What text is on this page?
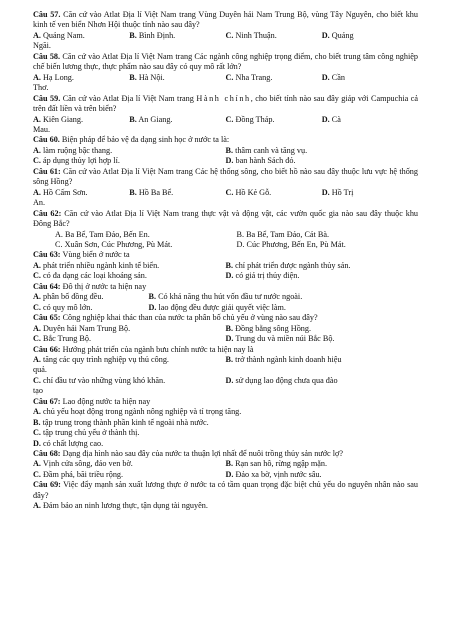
Câu 57. Căn cứ vào Atlat Địa lí Việt Nam trang Vùng Duyên hải Nam Trung Bộ, vùng Tây Nguyên, cho biết khu kinh tế ven biển Nhơn Hội thuộc tỉnh nào sau đây?
A. Quảng Nam.	B. Bình Định.	C. Ninh Thuận.	D. Quảng
Ngãi.
Câu 58. Căn cứ vào Atlat Địa lí Việt Nam trang Các ngành công nghiệp trọng điểm, cho biết trung tâm công nghiệp chế biến lương thực, thực phẩm nào sau đây có quy mô rất lớn?
A. Hạ Long.	B. Hà Nội.	C. Nha Trang.	D. Cần
Thơ.
Câu 59. Căn cứ vào Atlat Địa lí Việt Nam trang Hành chính, cho biết tỉnh nào sau đây giáp với Campuchia cả trên đất liền và trên biển?
A. Kiên Giang.	B. An Giang.	C. Đồng Tháp.	D. Cà
Mau.
Câu 60. Biện pháp để bảo vệ đa dạng sinh học ở nước ta là:
A. làm ruộng bậc thang.	B. thâm canh và tăng vụ.
C. áp dụng thủy lợi hợp lí.	D. ban hành Sách đỏ.
Câu 61: Căn cứ vào Atlat Địa lí Việt Nam trang Các hệ thống sông, cho biết hồ nào sau đây thuộc lưu vực hệ thống sông Hồng?
A. Hồ Cấm Sơn.	B. Hồ Ba Bể.	C. Hồ Kẻ Gỗ.	D. Hồ Trị
An.
Câu 62: Căn cứ vào Atlat Địa lí Việt Nam trang thực vật và động vật, các vườn quốc gia nào sau đây thuộc khu Đông Bắc?
A. Ba Bể, Tam Đảo, Bến En.	B. Ba Bể, Tam Đảo, Cát Bà.
C. Xuân Sơn, Cúc Phương, Pù Mát.	D. Cúc Phương, Bến En, Pù Mát.
Câu 63: Vùng biển ở nước ta
A. phát triển nhiều ngành kinh tế biển.	B. chỉ phát triển được ngành thủy sản.
C. có đa dạng các loại khoáng sản.	D. có giá trị thủy điện.
Câu 64: Đô thị ở nước ta hiện nay
A. phân bố đồng đều.	B. Có khả năng thu hút vốn đầu tư nước ngoài.
C. có quy mô lớn.	D. lao động đều được giải quyết việc làm.
Câu 65: Công nghiệp khai thác than của nước ta phân bố chủ yếu ở vùng nào sau đây?
A. Duyên hải Nam Trung Bộ.	B. Đồng bằng sông Hồng.
C. Bắc Trung Bộ.	D. Trung du và miền núi Bắc Bộ.
Câu 66: Hướng phát triển của ngành bưu chính nước ta hiện nay là
A. tăng các quy trình nghiệp vụ thủ công.	B. trở thành ngành kinh doanh hiệu
quả.
C. chỉ đầu tư vào những vùng khó khăn.	D. sử dụng lao động chưa qua đào
tạo
Câu 67: Lao động nước ta hiện nay
A. chủ yếu hoạt động trong ngành nông nghiệp và tỉ trọng tăng.
B. tập trung trong thành phần kinh tế ngoài nhà nước.
C. tập trung chủ yếu ở thành thị.
D. có chất lượng cao.
Câu 68: Dạng địa hình nào sau đây của nước ta thuận lợi nhất để nuôi trồng thủy sản nước lợ?
A. Vịnh cửa sông, đảo ven bờ.	B. Rạn san hô, rừng ngập mặn.
C. Đầm phá, bãi triều rộng.	D. Đảo xa bờ, vịnh nước sâu.
Câu 69: Việc đẩy mạnh sản xuất lương thực ở nước ta có tầm quan trọng đặc biệt chủ yếu do nguyên nhân nào sau đây?
A. Đảm bảo an ninh lương thực, tận dụng tài nguyên.
